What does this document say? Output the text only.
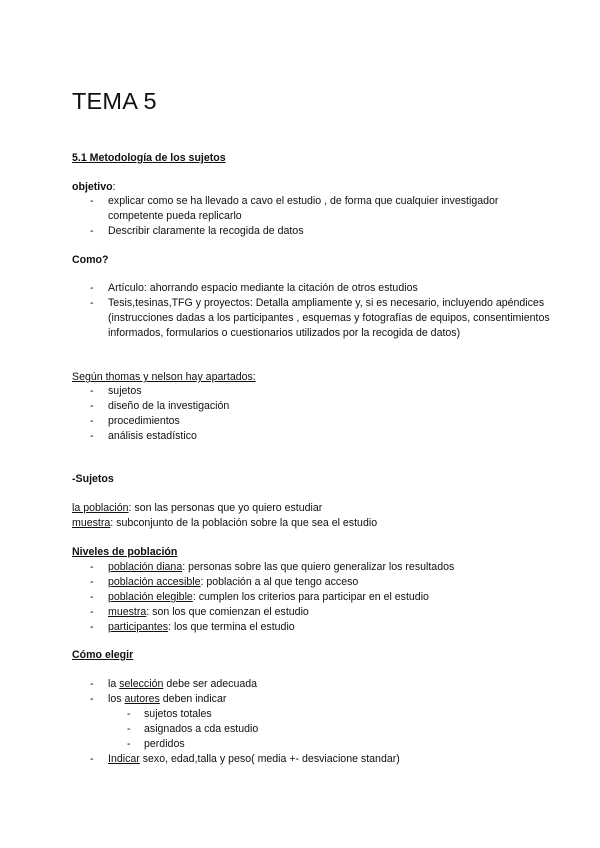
TEMA 5
5.1 Metodología de los sujetos
objetivo:
- explicar como se ha llevado a cavo el estudio , de forma que cualquier investigador competente pueda replicarlo
- Describir claramente la recogida de datos
Como?
- Artículo: ahorrando espacio mediante la citación de otros estudios
- Tesis,tesinas,TFG y proyectos: Detalla ampliamente y, si es necesario, incluyendo apéndices (instrucciones dadas a los participantes , esquemas y fotografías de equipos, consentimientos informados, formularios o cuestionarios utilizados por la recogida de datos)
Según thomas y nelson hay apartados:
- sujetos
- diseño de la investigación
- procedimientos
- análisis estadístico
-Sujetos
la población: son las personas que yo quiero estudiar
muestra: subconjunto de la población sobre la que sea el estudio
Niveles de población
- población diana: personas sobre las que quiero generalizar los resultados
- población accesible: población a al que tengo acceso
- población elegible: cumplen los criterios para participar en el estudio
- muestra: son los que comienzan el estudio
- participantes: los que termina el estudio
Cómo elegir
- la selección debe ser adecuada
- los autores deben indicar
- sujetos totales
- asignados a cda estudio
- perdidos
- Indicar sexo, edad,talla y peso( media +- desviacione standar)
